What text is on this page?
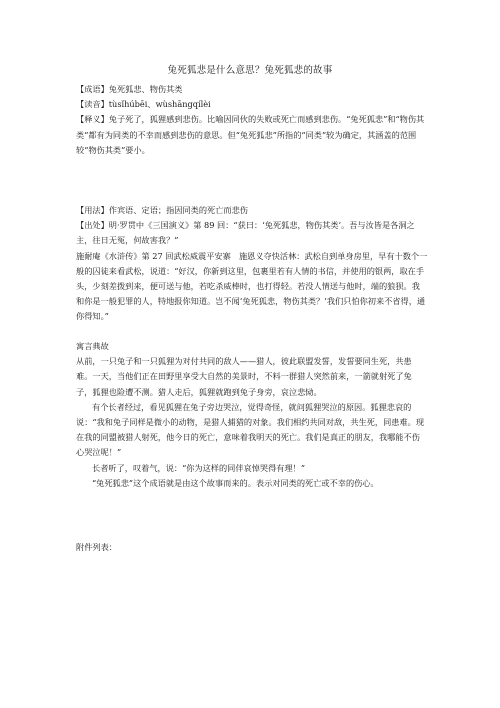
兔死狐悲是什么意思？兔死狐悲的故事

【成语】兔死狐悲、物伤其类

【读音】tùsǐhúbēi、wùshāngqílèi

【释义】兔子死了，狐狸感到悲伤。比喻因同伙的失败或死亡而感到悲伤。“兔死狐悲”和“物伤其类”都有为同类的不幸而感到悲伤的意思。但“兔死狐悲”所指的“同类”较为确定，其涵盖的范围较“物伤其类”要小。

【用法】作宾语、定语；指因同类的死亡而悲伤

【出处】明·罗贯中《三国演义》第 89 回：“获曰：‘兔死狐悲，物伤其类’。吾与汝皆是各洞之主，往日无冤，何故害我？”

施耐庵《水浒传》第 27 回武松威震平安寨　施恩义夺快活林：武松自到单身房里，早有十数个一般的囚徒来看武松，说道：“好汉，你新到这里，包裹里若有人情的书信，并使用的银两，取在手头，少刻差拨到来，便可送与他，若吃杀威棒时，也打得轻。若没人情送与他时，端的狼狈。我和你是一般犯罪的人，特地报你知道。岂不闻‘兔死狐悲，物伤其类？’我们只怕你初来不省得，通你得知。”

寓言典故

从前，一只兔子和一只狐狸为对付共同的敌人——猎人，彼此联盟发誓，发誓要同生死，共患难。一天，当他们正在田野里享受大自然的美景时，不料一群猎人突然前来，一箭就射死了兔子，狐狸也险遭不测。猎人走后，狐狸就跑到兔子身旁，哀泣悲恸。

有个长者经过，看见狐狸在兔子旁边哭泣，觉得奇怪，就问狐狸哭泣的原因。狐狸悲哀的说：“我和兔子同样是微小的动物，是猎人捕猎的对象。我们相约共同对敌，共生死，同患难。现在我的同盟被猎人射死，他今日的死亡，意味着我明天的死亡。我们是真正的朋友，我哪能不伤心哭泣呢！”

长者听了，叹着气，说：“你为这样的同伴哀悼哭得有理！”

“兔死狐悲”这个成语就是由这个故事而来的。表示对同类的死亡或不幸的伤心。

附件列表：
